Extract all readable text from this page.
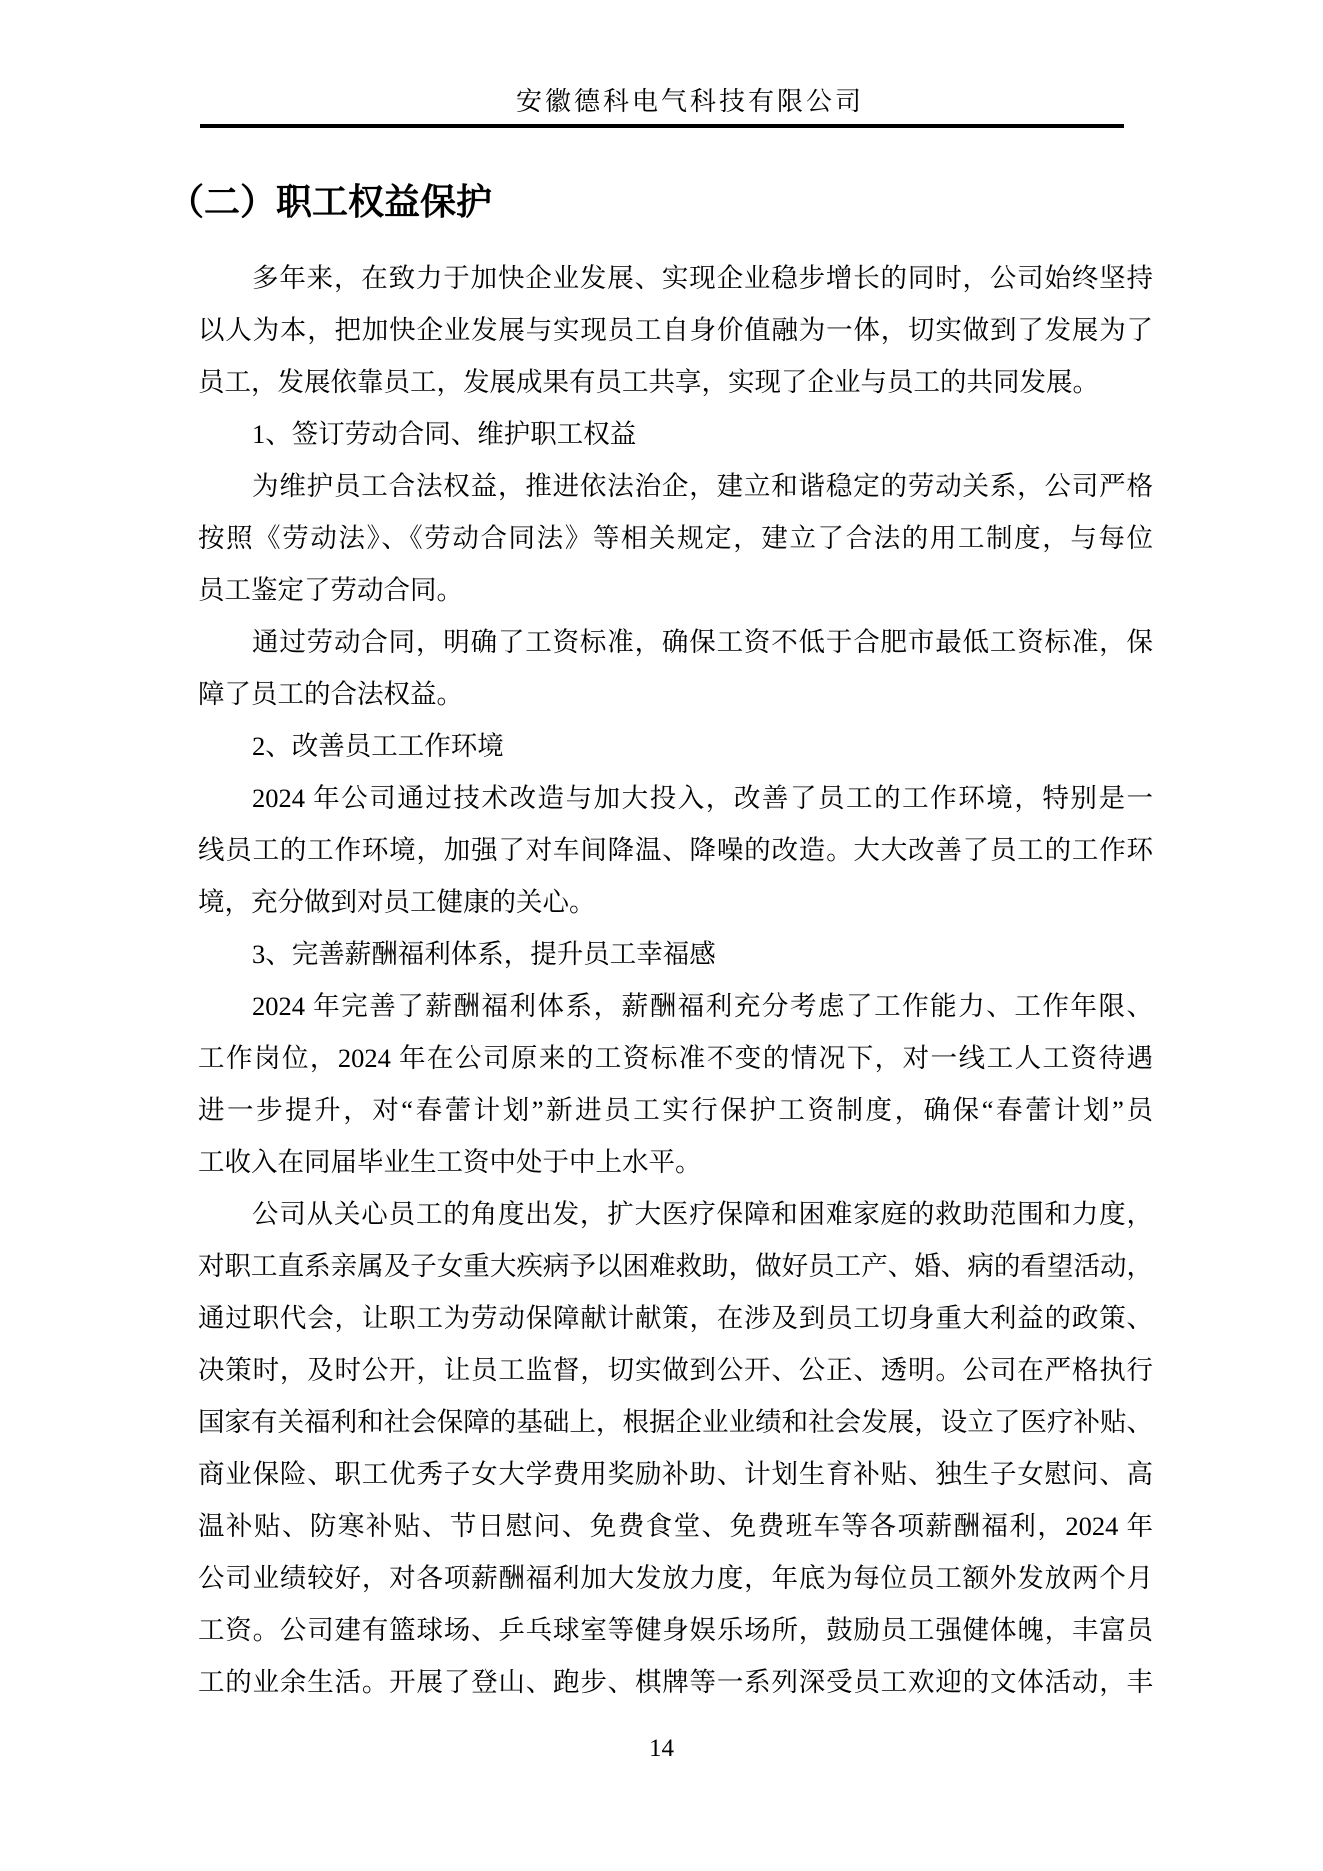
安徽德科电气科技有限公司
（二）职工权益保护
多年来，在致力于加快企业发展、实现企业稳步增长的同时，公司始终坚持
以人为本，把加快企业发展与实现员工自身价值融为一体，切实做到了发展为了
员工，发展依靠员工，发展成果有员工共享，实现了企业与员工的共同发展。
1、签订劳动合同、维护职工权益
为维护员工合法权益，推进依法治企，建立和谐稳定的劳动关系，公司严格
按照《劳动法》、《劳动合同法》等相关规定，建立了合法的用工制度，与每位
员工鉴定了劳动合同。
通过劳动合同，明确了工资标准，确保工资不低于合肥市最低工资标准，保
障了员工的合法权益。
2、改善员工工作环境
2024 年公司通过技术改造与加大投入，改善了员工的工作环境，特别是一
线员工的工作环境，加强了对车间降温、降噪的改造。大大改善了员工的工作环
境，充分做到对员工健康的关心。
3、完善薪酬福利体系，提升员工幸福感
2024 年完善了薪酬福利体系，薪酬福利充分考虑了工作能力、工作年限、
工作岗位，2024 年在公司原来的工资标准不变的情况下，对一线工人工资待遇
进一步提升，对“春蕾计划”新进员工实行保护工资制度，确保“春蕾计划”员
工收入在同届毕业生工资中处于中上水平。
公司从关心员工的角度出发，扩大医疗保障和困难家庭的救助范围和力度，
对职工直系亲属及子女重大疾病予以困难救助，做好员工产、婚、病的看望活动，
通过职代会，让职工为劳动保障献计献策，在涉及到员工切身重大利益的政策、
决策时，及时公开，让员工监督，切实做到公开、公正、透明。公司在严格执行
国家有关福利和社会保障的基础上，根据企业业绩和社会发展，设立了医疗补贴、
商业保险、职工优秀子女大学费用奖励补助、计划生育补贴、独生子女慰问、高
温补贴、防寒补贴、节日慰问、免费食堂、免费班车等各项薪酬福利，2024 年
公司业绩较好，对各项薪酬福利加大发放力度，年底为每位员工额外发放两个月
工资。公司建有篮球场、乒乓球室等健身娱乐场所，鼓励员工强健体魄，丰富员
工的业余生活。开展了登山、跑步、棋牌等一系列深受员工欢迎的文体活动，丰
14
